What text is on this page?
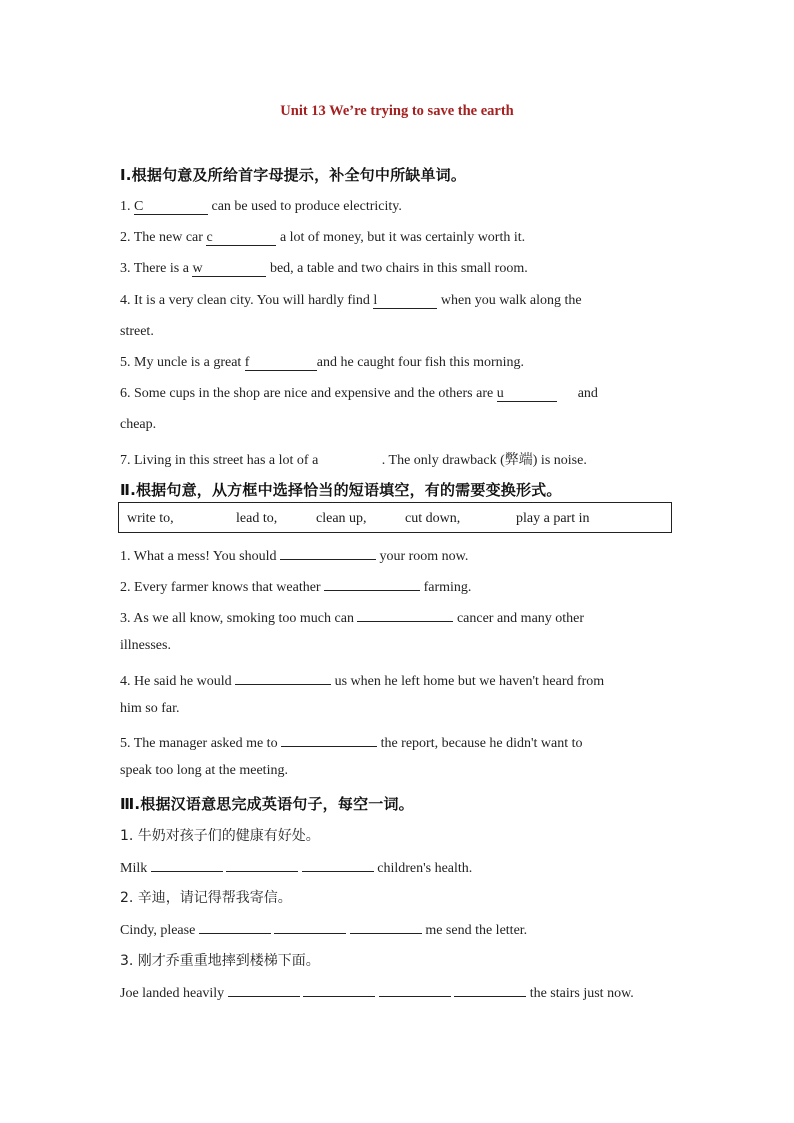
Unit 13 We’re trying to save the earth
Ⅰ.根据句意及所给首字母提示，补全句中所缺单词。
1. C	can be used to produce electricity.
2. The new car c	a lot of money, but it was certainly worth it.
3. There is a w	bed, a table and two chairs in this small room.
4. It is a very clean city. You will hardly find l	when you walk along the
street.
5. My uncle is a great f	and he caught four fish this morning.
6. Some cups in the shop are nice and expensive and the others are u	and
cheap.
7. Living in this street has a lot of a	. The only drawback (弊端) is noise.
Ⅱ.根据句意，从方框中选择恰当的短语填空，有的需要变换形式。
write to,	lead to,	clean up,	cut down,	play a part in
1. What a mess! You should	your room now.
2. Every farmer knows that weather	farming.
3. As we all know, smoking too much can	cancer and many other
illnesses.
4. He said he would	us when he left home but we haven't heard from
him so far.
5. The manager asked me to	the report, because he didn't want to
speak too long at the meeting.
Ⅲ.根据汉语意思完成英语句子，每空一词。
1. 牛奶对孩子们的健康有好处。
Milk	children's health.
2. 辛迪，请记得帮我寄信。
Cindy, please	me send the letter.
3. 刚才乔重重地摔到楼梯下面。
Joe landed heavily	the stairs just now.
